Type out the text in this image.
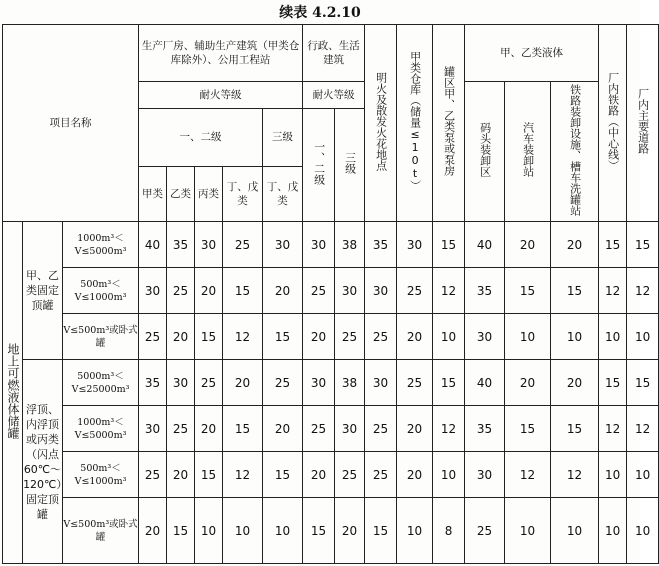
续表 4.2.10
项目名称			生产厂房、辅助生产建筑（甲类仓库除外）、公用工程站					行政、生活建筑		明火及散发火花地点	甲类仓库（储量≤10t）	罐区甲、乙类泵或泵房	甲、乙类液体			厂内铁路（中心线）	厂内主要道路
			耐火等级					耐火等级					码头装卸区	汽车装卸站	铁路装卸设施、槽车洗罐站		
			一、二级				三级	一、二级	三级								
			甲类	乙类	丙类	丁、戊类	丁、戊类										
地上可燃液体储罐	甲、乙类固定顶罐	1000m³＜V≤5000m³	40	35	30	25	30	30	38	35	30	15	40	20	20	15	15
		500m³＜V≤1000m³	30	25	20	15	20	25	30	30	25	12	35	15	15	12	12
		V≤500m³或卧式罐	25	20	15	12	15	20	25	25	20	10	30	10	10	10	10
	浮顶、内浮顶或丙类（闪点60℃～120℃）固定顶罐	5000m³＜V≤25000m³	35	30	25	20	25	30	38	30	25	15	40	20	20	15	15
		1000m³＜V≤5000m³	30	25	20	15	20	25	30	25	20	12	35	15	15	12	12
		500m³＜V≤1000m³	25	20	15	12	15	20	25	25	20	10	30	12	12	10	10
		V≤500m³或卧式罐	20	15	10	10	10	15	20	15	10	8	25	10	10	10	10
